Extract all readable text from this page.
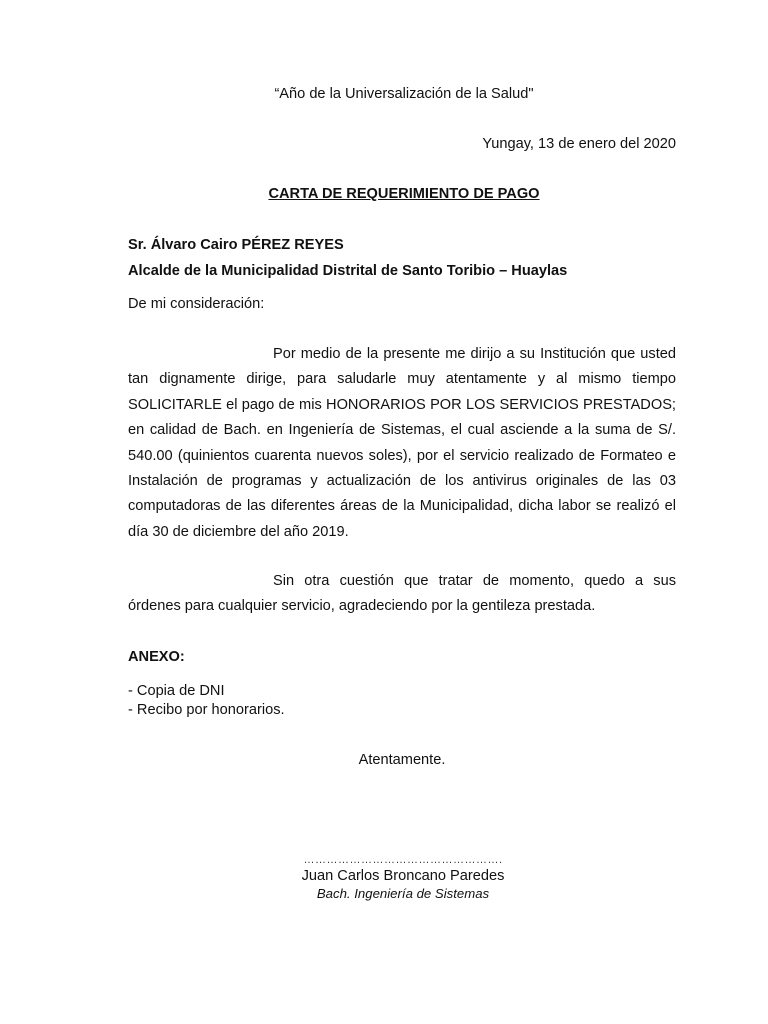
“Año de la Universalización de la Salud"
Yungay, 13 de enero del 2020
CARTA DE REQUERIMIENTO DE PAGO
Sr. Álvaro Cairo PÉREZ REYES
Alcalde de la Municipalidad Distrital de Santo Toribio – Huaylas
De mi consideración:

Por medio de la presente me dirijo a su Institución que usted tan dignamente dirige, para saludarle muy atentamente y al mismo tiempo SOLICITARLE el pago de mis HONORARIOS POR LOS SERVICIOS PRESTADOS; en calidad de Bach. en Ingeniería de Sistemas, el cual asciende a la suma de S/. 540.00 (quinientos cuarenta nuevos soles), por el servicio realizado de Formateo e Instalación de programas y actualización de los antivirus originales de las 03 computadoras de las diferentes áreas de la Municipalidad, dicha labor se realizó el día 30 de diciembre del año 2019.

Sin otra cuestión que tratar de momento, quedo a sus órdenes para cualquier servicio, agradeciendo por la gentileza prestada.

ANEXO:
- Copia de DNI
- Recibo por honorarios.
Atentamente.
…………………………………………….
Juan Carlos Broncano Paredes
Bach. Ingeniería de Sistemas
